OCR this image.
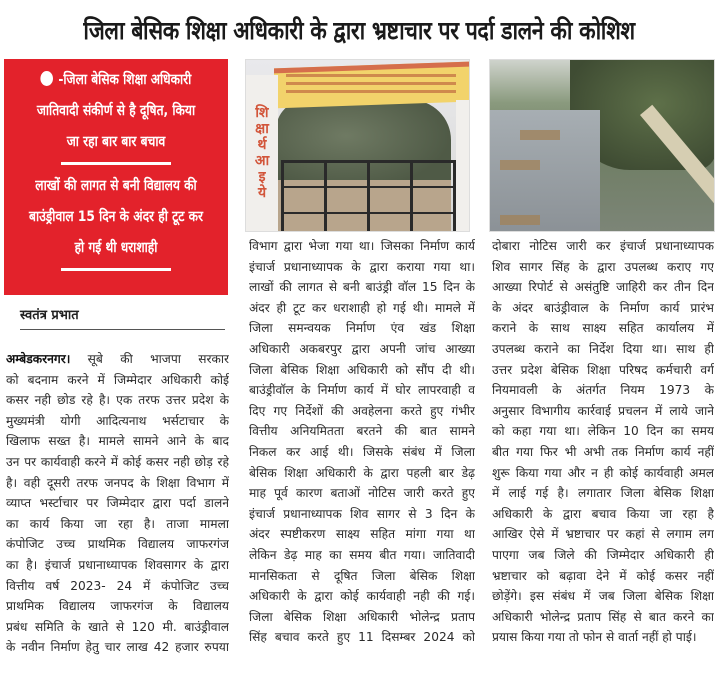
जिला बेसिक शिक्षा अधिकारी के द्वारा भ्रष्टाचार पर पर्दा डालने की कोशिश
-जिला बेसिक शिक्षा अधिकारी
जातिवादी संकीर्ण से है दूषित, किया
जा रहा बार बार बचाव
लाखों की लागत से बनी विद्यालय की
बाउंड्रीवाल 15 दिन के अंदर ही टूट कर
हो गई थी धराशाही
स्वतंत्र प्रभात
शि
क्षा
र्थ
आ
इ
ये
अम्बेडकरनगर। सूबे की भाजपा सरकार
को बदनाम करने में जिम्मेदार अधिकारी कोई
कसर नही छोड रहे है। एक तरफ उत्तर प्रदेश के
मुख्यमंत्री योगी आदित्यनाथ भर्सटाचार के
खिलाफ सख्त है। मामले सामने आने के बाद
उन पर कार्यवाही करने में कोई कसर नही छोड़ रहे
है। वही दूसरी तरफ जनपद के शिक्षा विभाग में
व्याप्त भर्स्टाचार पर जिम्मेदार द्वारा पर्दा डालने
का कार्य किया जा रहा है। ताजा मामला
कंपोजिट उच्च प्राथमिक विद्यालय जाफरगंज
का है। इंचार्ज प्रधानाध्यापक शिवसागर के द्वारा
वित्तीय वर्ष 2023- 24 में कंपोजिट उच्च
प्राथमिक विद्यालय जाफरगंज के विद्यालय
प्रबंध समिति के खाते से 120 मी. बाउंड्रीवाल
के नवीन निर्माण हेतु चार लाख 42 हजार रुपया
विभाग द्वारा भेजा गया था। जिसका निर्माण कार्य
इंचार्ज प्रधानाध्यापक के द्वारा कराया गया था।
लाखों की लागत से बनी बाउंड्री वॉल 15 दिन के
अंदर ही टूट कर धराशाही हो गई थी। मामले में
जिला समन्वयक निर्माण एंव खंड शिक्षा
अधिकारी अकबरपुर द्वारा अपनी जांच आख्या
जिला बेसिक शिक्षा अधिकारी को सौंप दी थी।
बाउंड्रीवॉल के निर्माण कार्य में घोर लापरवाही व
दिए गए निर्देशों की अवहेलना करते हुए गंभीर
वित्तीय अनियमितता बरतने की बात सामने
निकल कर आई थी। जिसके संबंध में जिला
बेसिक शिक्षा अधिकारी के द्वारा पहली बार डेढ़
माह पूर्व कारण बताओं नोटिस जारी करते हुए
इंचार्ज प्रधानाध्यापक शिव सागर से 3 दिन के
अंदर स्पष्टीकरण साक्ष्य सहित मांगा गया था
लेकिन डेढ़ माह का समय बीत गया। जातिवादी
मानसिकता से दूषित जिला बेसिक शिक्षा
अधिकारी के द्वारा कोई कार्यवाही नही की गई।
जिला बेसिक शिक्षा अधिकारी भोलेन्द्र प्रताप
सिंह बचाव करते हुए 11 दिसम्बर 2024 को
दोबारा नोटिस जारी कर इंचार्ज प्रधानाध्यापक
शिव सागर सिंह के द्वारा उपलब्ध कराए गए
आख्या रिपोर्ट से असंतुष्टि जाहिरी कर तीन दिन
के अंदर बाउंड्रीवाल के निर्माण कार्य प्रारंभ
कराने के साथ साक्ष्य सहित कार्यालय में
उपलब्ध कराने का निर्देश दिया था। साथ ही
उत्तर प्रदेश बेसिक शिक्षा परिषद कर्मचारी वर्ग
नियमावली के अंतर्गत नियम 1973 के
अनुसार विभागीय कार्रवाई प्रचलन में लाये जाने
को कहा गया था। लेकिन 10 दिन का समय
बीत गया फिर भी अभी तक निर्माण कार्य नहीं
शुरू किया गया और न ही कोई कार्यवाही अमल
में लाई गई है। लगातार जिला बेसिक शिक्षा
अधिकारी के द्वारा बचाव किया जा रहा है
आखिर ऐसे में भ्रष्टाचार पर कहां से लगाम लग
पाएगा जब जिले की जिम्मेदार अधिकारी ही
भ्रष्टाचार को बढ़ावा देने में कोई कसर नहीं
छोड़ेंगे। इस संबंध में जब जिला बेसिक शिक्षा
अधिकारी भोलेन्द्र प्रताप सिंह से बात करने का
प्रयास किया गया तो फोन से वार्ता नहीं हो पाई।
